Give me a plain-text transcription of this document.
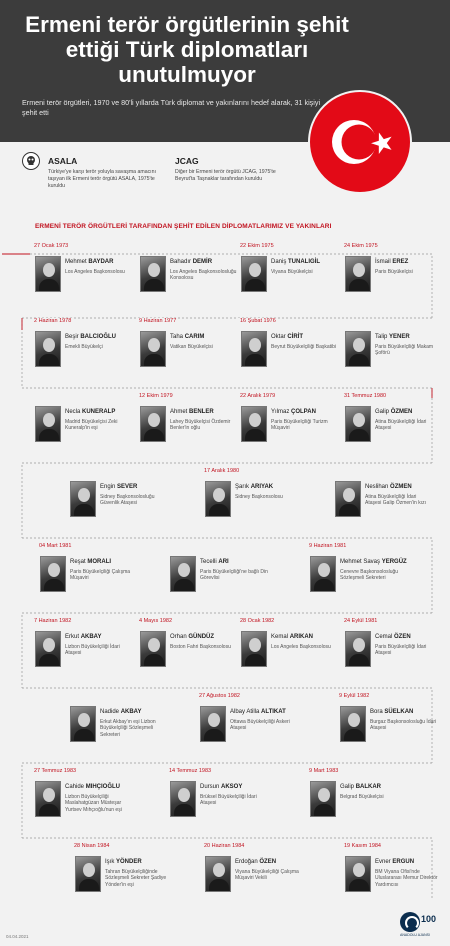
Ermeni terör örgütlerinin şehit ettiği Türk diplomatları unutulmuyor
Ermeni terör örgütleri, 1970 ve 80'li yıllarda Türk diplomat ve yakınlarını hedef alarak, 31 kişiyi şehit etti
ASALA

Türkiye'ye karşı terör yoluyla savaşma amacını taşıyan ilk Ermeni terör örgütü ASALA, 1975'te kuruldu

JCAG

Diğer bir Ermeni terör örgütü JCAG, 1975'te Beyrut'ta Taşnaklar tarafından kuruldu

ERMENİ TERÖR ÖRGÜTLERİ TARAFINDAN ŞEHİT EDİLEN DİPLOMATLARIMIZ VE YAKINLARI
27 Ocak 1973
Mehmet BAYDAR
Los Angeles Başkonsolosu
Bahadır DEMİR
Los Angeles Başkonsolosluğu Konsolosu
22 Ekim 1975
Daniş TUNALIGİL
Viyana Büyükelçisi
24 Ekim 1975
İsmail EREZ
Paris Büyükelçisi
2 Haziran 1978
Beşir BALCIOĞLU
Emekli Büyükelçi
9 Haziran 1977
Taha CARIM
Vatikan Büyükelçisi
16 Şubat 1976
Oktar CİRİT
Beyrut Büyükelçiliği Başkatibi
Talip YENER
Paris Büyükelçiliği Makam Şoförü
Necla KUNERALP
Madrid Büyükelçisi Zeki Kuneralp'in eşi
12 Ekim 1979
Ahmet BENLER
Lahey Büyükelçisi Özdemir Benler'in oğlu
22 Aralık 1979
Yılmaz ÇOLPAN
Paris Büyükelçiliği Turizm Müşaviri
31 Temmuz 1980
Galip ÖZMEN
Atina Büyükelçiliği İdari Ataşesi
Engin SEVER
Sidney Başkonsolosluğu Güvenlik Ataşesi
17 Aralık 1980
Şarık ARIYAK
Sidney Başkonsolosu
Neslihan ÖZMEN
Atina Büyükelçiliği İdari Ataşesi Galip Özmen'in kızı
04 Mart 1981
Reşat MORALI
Paris Büyükelçiliği Çalışma Müşaviri
Tecelli ARI
Paris Büyükelçiliği'ne bağlı Din Görevlisi
9 Haziran 1981
Mehmet Savaş YERGÜZ
Cenevre Başkonsolosluğu Sözleşmeli Sekreteri
7 Haziran 1982
Erkut AKBAY
Lizbon Büyükelçiliği İdari Ataşesi
4 Mayıs 1982
Orhan GÜNDÜZ
Boston Fahri Başkonsolosu
28 Ocak 1982
Kemal ARIKAN
Los Angeles Başkonsolosu
24 Eylül 1981
Cemal ÖZEN
Paris Büyükelçiliği İdari Ataşesi
Nadide AKBAY
Erkut Akbay'ın eşi Lizbon Büyükelçiliği Sözleşmeli Sekreteri
27 Ağustos 1982
Albay Atilla ALTIKAT
Ottawa Büyükelçiliği Askeri Ataşesi
9 Eylül 1982
Bora SÜELKAN
Burgaz Başkonsolosluğu İdari Ataşesi
27 Temmuz 1983
Cahide MIHÇIOĞLU
Lizbon Büyükelçiliği Maslahatgüzarı Müsteşar Yurtsev Mıhçıoğlu'nun eşi
14 Temmuz 1983
Dursun AKSOY
Brüksel Büyükelçiliği İdari Ataşesi
9 Mart 1983
Galip BALKAR
Belgrad Büyükelçisi
28 Nisan 1984
Işık YÖNDER
Tahran Büyükelçiliğinde Sözleşmeli Sekreter Şadiye Yönder'in eşi
20 Haziran 1984
Erdoğan ÖZEN
Viyana Büyükelçiliği Çalışma Müşaviri Vekili
19 Kasım 1984
Evner ERGUN
BM Viyana Ofisi'nde Uluslararası Memur Direktör Yardımcısı
04.04.2021
100
ANADOLU AJANSI
